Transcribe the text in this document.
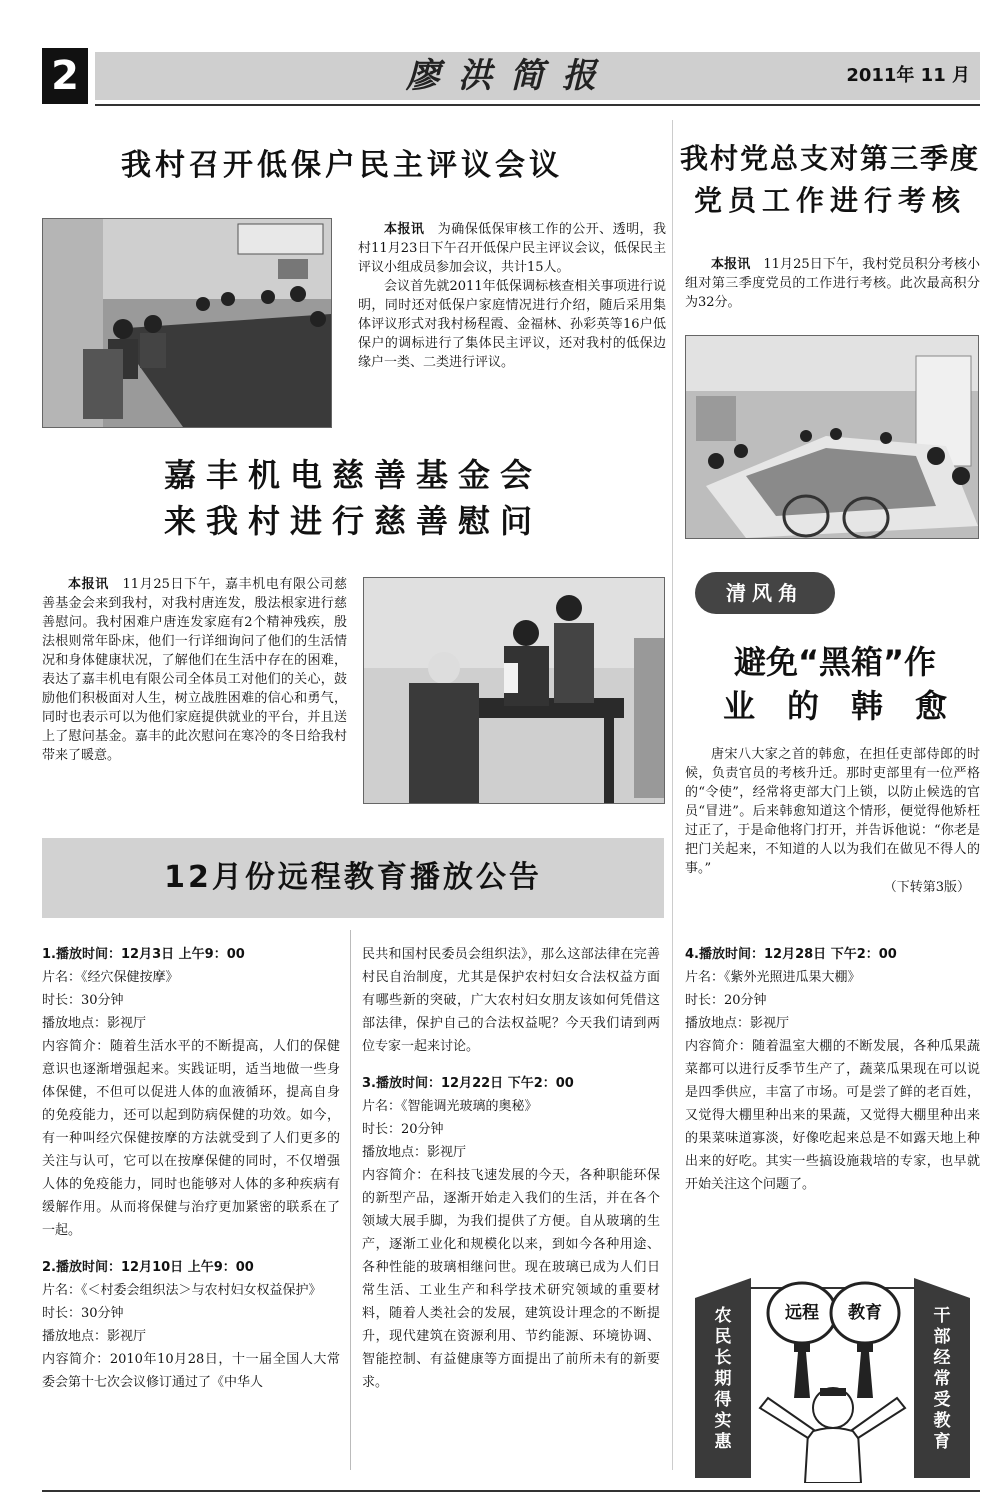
2	廖洪简报	2011年 11 月
我村召开低保户民主评议会议

本报讯　 为确保低保审核工作的公开、透明，我村11月23日下午召开低保户民主评议会议，低保民主评议小组成员参加会议，共计15人。

会议首先就2011年低保调标核查相关事项进行说明，同时还对低保户家庭情况进行介绍，随后采用集体评议形式对我村杨程霞、金福林、孙彩英等16户低保户的调标进行了集体民主评议，还对我村的低保边缘户一类、二类进行评议。

我村党总支对第三季度
党员工作进行考核

本报讯　 11月25日下午，我村党员积分考核小组对第三季度党员的工作进行考核。此次最高积分为32分。

嘉丰机电慈善基金会
来我村进行慈善慰问

本报讯　 11月25日下午，嘉丰机电有限公司慈善基金会来到我村，对我村唐连发，殷法根家进行慈善慰问。我村困难户唐连发家庭有2个精神残疾，殷法根则常年卧床，他们一行详细询问了他们的生活情况和身体健康状况，了解他们在生活中存在的困难，表达了嘉丰机电有限公司全体员工对他们的关心，鼓励他们积极面对人生，树立战胜困难的信心和勇气，同时也表示可以为他们家庭提供就业的平台，并且送上了慰问基金。嘉丰的此次慰问在寒冷的冬日给我村带来了暖意。

清风角
避免“黑箱”作
业　的　韩　愈

唐宋八大家之首的韩愈，在担任吏部侍郎的时候，负责官员的考核升迁。那时吏部里有一位严格的“令使”，经常将吏部大门上锁，以防止候选的官员“冒进”。后来韩愈知道这个情形，便觉得他矫枉过正了，于是命他将门打开，并告诉他说：“你老是把门关起来，不知道的人以为我们在做见不得人的事。”

（下转第3版）
12月份远程教育播放公告
1.播放时间：12月3日 上午9：00
片名：《经穴保健按摩》
时长：30分钟
播放地点：影视厅
内容简介：随着生活水平的不断提高，人们的保健意识也逐渐增强起来。实践证明，适当地做一些身体保健，不但可以促进人体的血液循环，提高自身的免疫能力，还可以起到防病保健的功效。如今，有一种叫经穴保健按摩的方法就受到了人们更多的关注与认可，它可以在按摩保健的同时，不仅增强人体的免疫能力，同时也能够对人体的多种疾病有缓解作用。从而将保健与治疗更加紧密的联系在了一起。
2.播放时间：12月10日 上午9：00
片名：《＜村委会组织法＞与农村妇女权益保护》
时长：30分钟
播放地点：影视厅
内容简介：2010年10月28日，十一届全国人大常委会第十七次会议修订通过了《中华人
民共和国村民委员会组织法》，那么这部法律在完善村民自治制度，尤其是保护农村妇女合法权益方面有哪些新的突破，广大农村妇女朋友该如何凭借这部法律，保护自己的合法权益呢？今天我们请到两位专家一起来讨论。
3.播放时间：12月22日 下午2：00
片名：《智能调光玻璃的奥秘》
时长：20分钟
播放地点：影视厅
内容简介：在科技飞速发展的今天，各种职能环保的新型产品，逐渐开始走入我们的生活，并在各个领域大展手脚，为我们提供了方便。自从玻璃的生产，逐渐工业化和规模化以来，到如今各种用途、各种性能的玻璃相继问世。现在玻璃已成为人们日常生活、工业生产和科学技术研究领域的重要材料，随着人类社会的发展，建筑设计理念的不断提升，现代建筑在资源利用、节约能源、环境协调、智能控制、有益健康等方面提出了前所未有的新要求。
4.播放时间：12月28日 下午2：00
片名：《紫外光照进瓜果大棚》
时长：20分钟
播放地点：影视厅
内容简介：随着温室大棚的不断发展，各种瓜果蔬菜都可以进行反季节生产了，蔬菜瓜果现在可以说是四季供应，丰富了市场。可是尝了鲜的老百姓，又觉得大棚里种出来的果蔬，又觉得大棚里种出来的果菜味道寡淡，好像吃起来总是不如露天地上种出来的好吃。其实一些搞设施栽培的专家，也早就开始关注这个问题了。
远程	教育
农民长期得实惠
干部经常受教育
